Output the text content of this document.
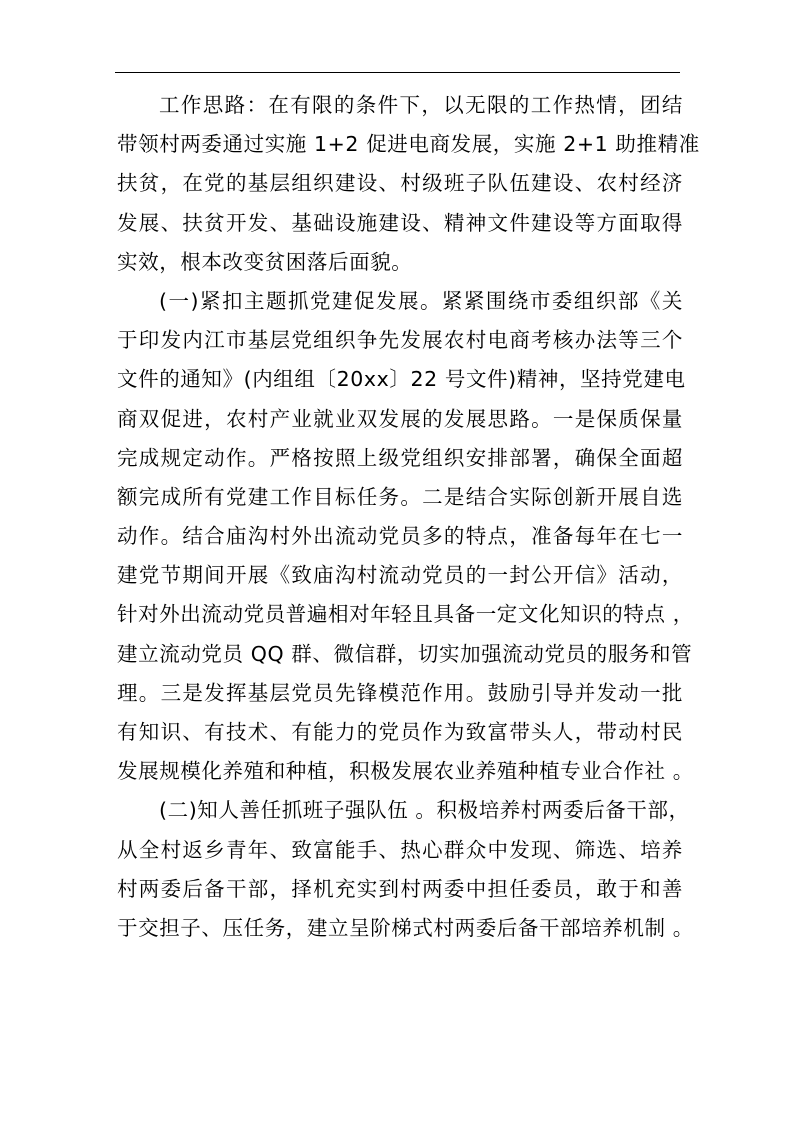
工作思路：在有限的条件下，以无限的工作热情，团结
带领村两委通过实施 1+2 促进电商发展，实施 2+1 助推精准
扶贫，在党的基层组织建设、村级班子队伍建设、农村经济
发展、扶贫开发、基础设施建设、精神文件建设等方面取得
实效，根本改变贫困落后面貌。
(一)紧扣主题抓党建促发展。紧紧围绕市委组织部《关
于印发内江市基层党组织争先发展农村电商考核办法等三个
文件的通知》(内组组〔20xx〕22 号文件)精神，坚持党建电
商双促进，农村产业就业双发展的发展思路。一是保质保量
完成规定动作。严格按照上级党组织安排部署，确保全面超
额完成所有党建工作目标任务。二是结合实际创新开展自选
动作。结合庙沟村外出流动党员多的特点，准备每年在七一
建党节期间开展《致庙沟村流动党员的一封公开信》活动，
针对外出流动党员普遍相对年轻且具备一定文化知识的特点 ，
建立流动党员 QQ 群、微信群，切实加强流动党员的服务和管
理。三是发挥基层党员先锋模范作用。鼓励引导并发动一批
有知识、有技术、有能力的党员作为致富带头人，带动村民
发展规模化养殖和种植，积极发展农业养殖种植专业合作社 。
(二)知人善任抓班子强队伍 。积极培养村两委后备干部，
从全村返乡青年、致富能手、热心群众中发现、筛选、培养
村两委后备干部，择机充实到村两委中担任委员，敢于和善
于交担子、压任务，建立呈阶梯式村两委后备干部培养机制 。
